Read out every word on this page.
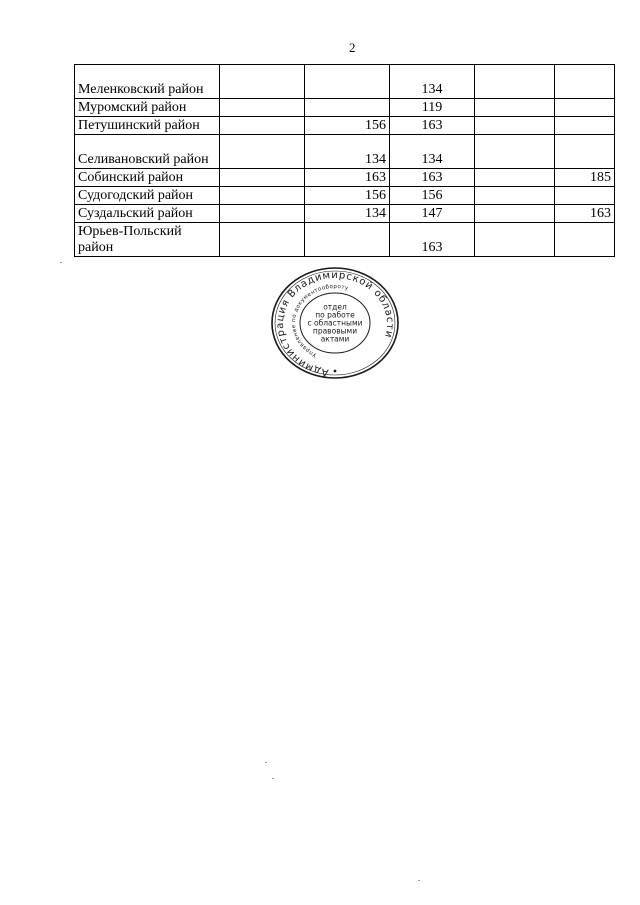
2
Меленковский район			134		
Муромский район			119		
Петушинский район		156	163		
Селивановский район		134	134		
Собинский район		163	163		185
Судогодский район		156	156		
Суздальский район		134	147		163
Юрьев-Польский район			163		
Администрация Владимирской области
Управление по документообороту
отдел
по работе
с областными
правовыми
актами
